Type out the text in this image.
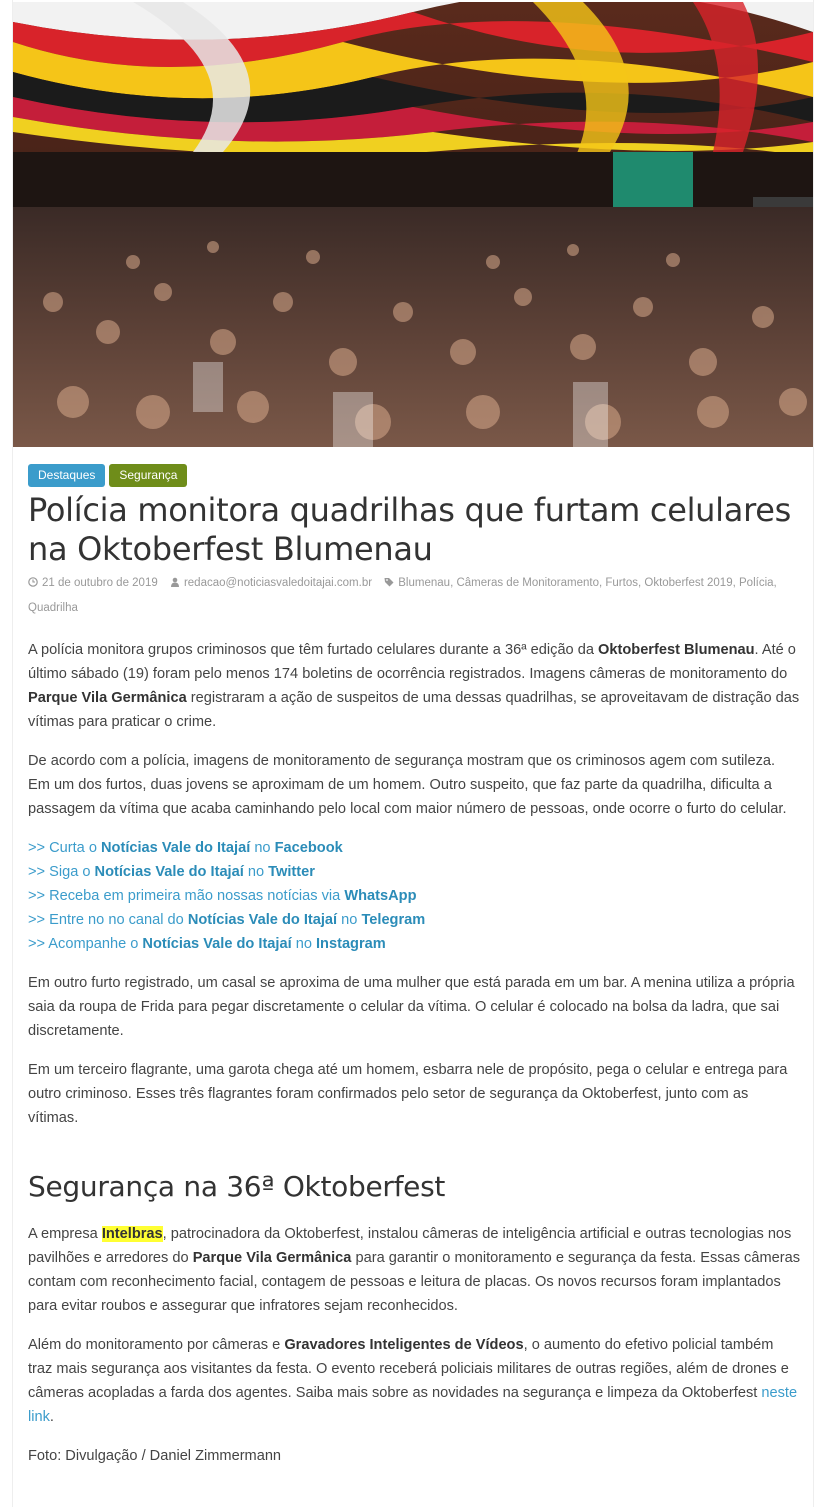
Destaques	Segurança
Polícia monitora quadrilhas que furtam celulares na Oktoberfest Blumenau
21 de outubro de 2019 redacao@noticiasvaledoitajai.com.br Blumenau, Câmeras de Monitoramento, Furtos, Oktoberfest 2019, Polícia, Quadrilha

A polícia monitora grupos criminosos que têm furtado celulares durante a 36ª edição da Oktoberfest Blumenau. Até o último sábado (19) foram pelo menos 174 boletins de ocorrência registrados. Imagens câmeras de monitoramento do Parque Vila Germânica registraram a ação de suspeitos de uma dessas quadrilhas, se aproveitavam de distração das vítimas para praticar o crime.

De acordo com a polícia, imagens de monitoramento de segurança mostram que os criminosos agem com sutileza. Em um dos furtos, duas jovens se aproximam de um homem. Outro suspeito, que faz parte da quadrilha, dificulta a passagem da vítima que acaba caminhando pelo local com maior número de pessoas, onde ocorre o furto do celular.

>> Curta o Notícias Vale do Itajaí no Facebook
>> Siga o Notícias Vale do Itajaí no Twitter
>> Receba em primeira mão nossas notícias via WhatsApp
>> Entre no no canal do Notícias Vale do Itajaí no Telegram
>> Acompanhe o Notícias Vale do Itajaí no Instagram

Em outro furto registrado, um casal se aproxima de uma mulher que está parada em um bar. A menina utiliza a própria saia da roupa de Frida para pegar discretamente o celular da vítima. O celular é colocado na bolsa da ladra, que sai discretamente.

Em um terceiro flagrante, uma garota chega até um homem, esbarra nele de propósito, pega o celular e entrega para outro criminoso. Esses três flagrantes foram confirmados pelo setor de segurança da Oktoberfest, junto com as vítimas.

Segurança na 36ª Oktoberfest

A empresa Intelbras, patrocinadora da Oktoberfest, instalou câmeras de inteligência artificial e outras tecnologias nos pavilhões e arredores do Parque Vila Germânica para garantir o monitoramento e segurança da festa. Essas câmeras contam com reconhecimento facial, contagem de pessoas e leitura de placas. Os novos recursos foram implantados para evitar roubos e assegurar que infratores sejam reconhecidos.

Além do monitoramento por câmeras e Gravadores Inteligentes de Vídeos, o aumento do efetivo policial também traz mais segurança aos visitantes da festa. O evento receberá policiais militares de outras regiões, além de drones e câmeras acopladas a farda dos agentes. Saiba mais sobre as novidades na segurança e limpeza da Oktoberfest neste link.

Foto: Divulgação / Daniel Zimmermann
